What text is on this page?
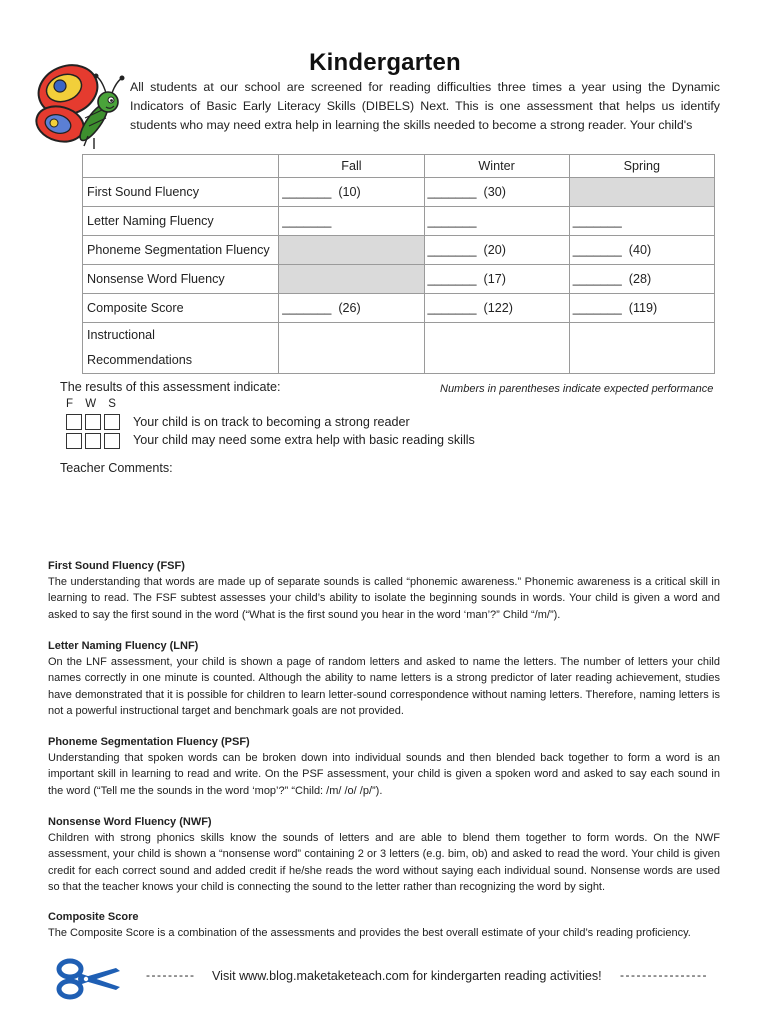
Kindergarten
All students at our school are screened for reading difficulties three times a year using the Dynamic Indicators of Basic Early Literacy Skills (DIBELS) Next. This is one assessment that helps us identify students who may need extra help in learning the skills needed to become a strong reader. Your child's
	Fall	Winter	Spring
First Sound Fluency	_______  (10)	_______  (30)	
Letter Naming Fluency	_______	_______	_______
Phoneme Segmentation Fluency		_______  (20)	_______  (40)
Nonsense Word Fluency		_______  (17)	_______  (28)
Composite Score	_______  (26)	_______  (122)	_______  (119)
Instructional
Recommendations			
The results of this assessment indicate:	Numbers in parentheses indicate expected performance
F W S
Your child is on track to becoming a strong reader
Your child may need some extra help with basic reading skills
Teacher Comments:
First Sound Fluency (FSF)
The understanding that words are made up of separate sounds is called “phonemic awareness.” Phonemic awareness is a critical skill in learning to read. The FSF subtest assesses your child’s ability to isolate the beginning sounds in words. Your child is given a word and asked to say the first sound in the word (“What is the first sound you hear in the word ‘man’?” Child “/m/”).
Letter Naming Fluency (LNF)
On the LNF assessment, your child is shown a page of random letters and asked to name the letters. The number of letters your child names correctly in one minute is counted. Although the ability to name letters is a strong predictor of later reading achievement, studies have demonstrated that it is possible for children to learn letter-sound correspondence without naming letters. Therefore, naming letters is not a powerful instructional target and benchmark goals are not provided.
Phoneme Segmentation Fluency (PSF)
Understanding that spoken words can be broken down into individual sounds and then blended back together to form a word is an important skill in learning to read and write. On the PSF assessment, your child is given a spoken word and asked to say each sound in the word (“Tell me the sounds in the word ‘mop’?” “Child: /m/ /o/ /p/”).
Nonsense Word Fluency (NWF)
Children with strong phonics skills know the sounds of letters and are able to blend them together to form words. On the NWF assessment, your child is shown a “nonsense word” containing 2 or 3 letters (e.g. bim, ob) and asked to read the word. Your child is given credit for each correct sound and added credit if he/she reads the word without saying each individual sound. Nonsense words are used so that the teacher knows your child is connecting the sound to the letter rather than recognizing the word by sight.
Composite Score
The Composite Score is a combination of the assessments and provides the best overall estimate of your child’s reading proficiency.
--------- Visit www.blog.maketaketeach.com for kindergarten reading activities! ----------------
